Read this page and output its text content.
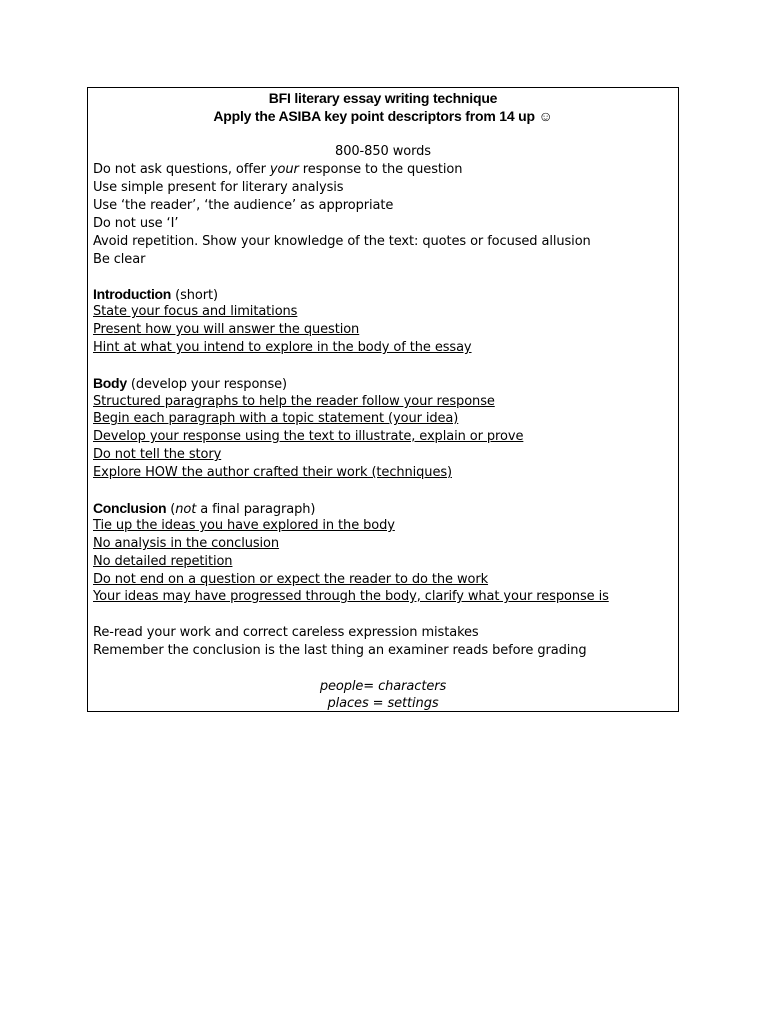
BFI literary essay writing technique
Apply the ASIBA key point descriptors from 14 up ☺
800-850 words
Do not ask questions, offer your response to the question
Use simple present for literary analysis
Use ‘the reader’, ‘the audience’ as appropriate
Do not use ‘I’
Avoid repetition. Show your knowledge of the text: quotes or focused allusion
Be clear
Introduction (short)
State your focus and limitations
Present how you will answer the question
Hint at what you intend to explore in the body of the essay
Body (develop your response)
Structured paragraphs to help the reader follow your response
Begin each paragraph with a topic statement (your idea)
Develop your response using the text to illustrate, explain or prove
Do not tell the story
Explore HOW the author crafted their work (techniques)
Conclusion (not a final paragraph)
Tie up the ideas you have explored in the body
No analysis in the conclusion
No detailed repetition
Do not end on a question or expect the reader to do the work
Your ideas may have progressed through the body, clarify what your response is
Re-read your work and correct careless expression mistakes
Remember the conclusion is the last thing an examiner reads before grading
people= characters
places = settings
